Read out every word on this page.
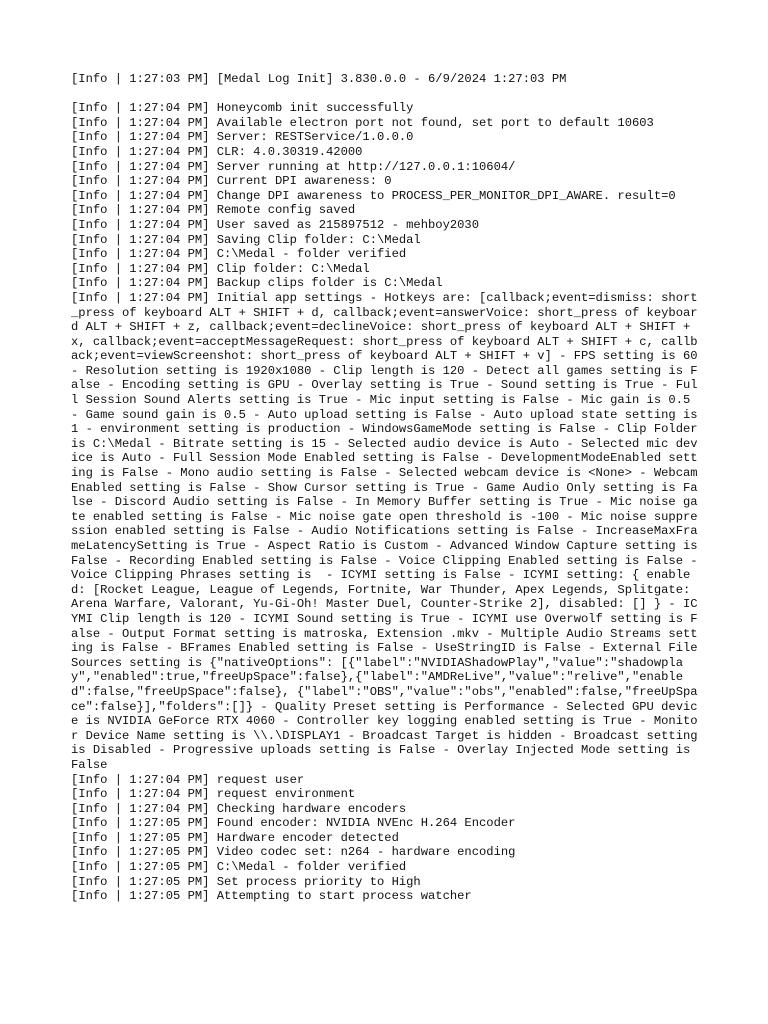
[Info | 1:27:03 PM] [Medal Log Init] 3.830.0.0 - 6/9/2024 1:27:03 PM

[Info | 1:27:04 PM] Honeycomb init successfully

[Info | 1:27:04 PM] Available electron port not found, set port to default 10603

[Info | 1:27:04 PM] Server: RESTService/1.0.0.0

[Info | 1:27:04 PM] CLR: 4.0.30319.42000

[Info | 1:27:04 PM] Server running at http://127.0.0.1:10604/

[Info | 1:27:04 PM] Current DPI awareness: 0

[Info | 1:27:04 PM] Change DPI awareness to PROCESS_PER_MONITOR_DPI_AWARE. result=0

[Info | 1:27:04 PM] Remote config saved

[Info | 1:27:04 PM] User saved as 215897512 - mehboy2030

[Info | 1:27:04 PM] Saving Clip folder: C:\Medal

[Info | 1:27:04 PM] C:\Medal - folder verified

[Info | 1:27:04 PM] Clip folder: C:\Medal

[Info | 1:27:04 PM] Backup clips folder is C:\Medal

[Info | 1:27:04 PM] Initial app settings - Hotkeys are: [callback;event=dismiss: short_press of keyboard ALT + SHIFT + d, callback;event=answerVoice: short_press of keyboard ALT + SHIFT + z, callback;event=declineVoice: short_press of keyboard ALT + SHIFT + x, callback;event=acceptMessageRequest: short_press of keyboard ALT + SHIFT + c, callback;event=viewScreenshot: short_press of keyboard ALT + SHIFT + v] - FPS setting is 60 - Resolution setting is 1920x1080 - Clip length is 120 - Detect all games setting is False - Encoding setting is GPU - Overlay setting is True - Sound setting is True - Full Session Sound Alerts setting is True - Mic input setting is False - Mic gain is 0.5 - Game sound gain is 0.5 - Auto upload setting is False - Auto upload state setting is 1 - environment setting is production - WindowsGameMode setting is False - Clip Folder is C:\Medal - Bitrate setting is 15 - Selected audio device is Auto - Selected mic device is Auto - Full Session Mode Enabled setting is False - DevelopmentModeEnabled setting is False - Mono audio setting is False - Selected webcam device is <None> - WebcamEnabled setting is False - Show Cursor setting is True - Game Audio Only setting is False - Discord Audio setting is False - In Memory Buffer setting is True - Mic noise gate enabled setting is False - Mic noise gate open threshold is -100 - Mic noise suppression enabled setting is False - Audio Notifications setting is False - IncreaseMaxFrameLatencySetting is True - Aspect Ratio is Custom - Advanced Window Capture setting is False - Recording Enabled setting is False - Voice Clipping Enabled setting is False - Voice Clipping Phrases setting is  - ICYMI setting is False - ICYMI setting: { enabled: [Rocket League, League of Legends, Fortnite, War Thunder, Apex Legends, Splitgate: Arena Warfare, Valorant, Yu-Gi-Oh! Master Duel, Counter-Strike 2], disabled: [] } - ICYMI Clip length is 120 - ICYMI Sound setting is True - ICYMI use Overwolf setting is False - Output Format setting is matroska, Extension .mkv - Multiple Audio Streams setting is False - BFrames Enabled setting is False - UseStringID is False - External File Sources setting is {"nativeOptions": [{"label":"NVIDIAShadowPlay","value":"shadowplay","enabled":true,"freeUpSpace":false},{"label":"AMDReLive","value":"relive","enabled":false,"freeUpSpace":false}, {"label":"OBS","value":"obs","enabled":false,"freeUpSpace":false}],"folders":[]} - Quality Preset setting is Performance - Selected GPU device is NVIDIA GeForce RTX 4060 - Controller key logging enabled setting is True - Monitor Device Name setting is \\.\DISPLAY1 - Broadcast Target is hidden - Broadcast setting is Disabled - Progressive uploads setting is False - Overlay Injected Mode setting is False

[Info | 1:27:04 PM] request user

[Info | 1:27:04 PM] request environment

[Info | 1:27:04 PM] Checking hardware encoders

[Info | 1:27:05 PM] Found encoder: NVIDIA NVEnc H.264 Encoder

[Info | 1:27:05 PM] Hardware encoder detected

[Info | 1:27:05 PM] Video codec set: n264 - hardware encoding

[Info | 1:27:05 PM] C:\Medal - folder verified

[Info | 1:27:05 PM] Set process priority to High

[Info | 1:27:05 PM] Attempting to start process watcher
